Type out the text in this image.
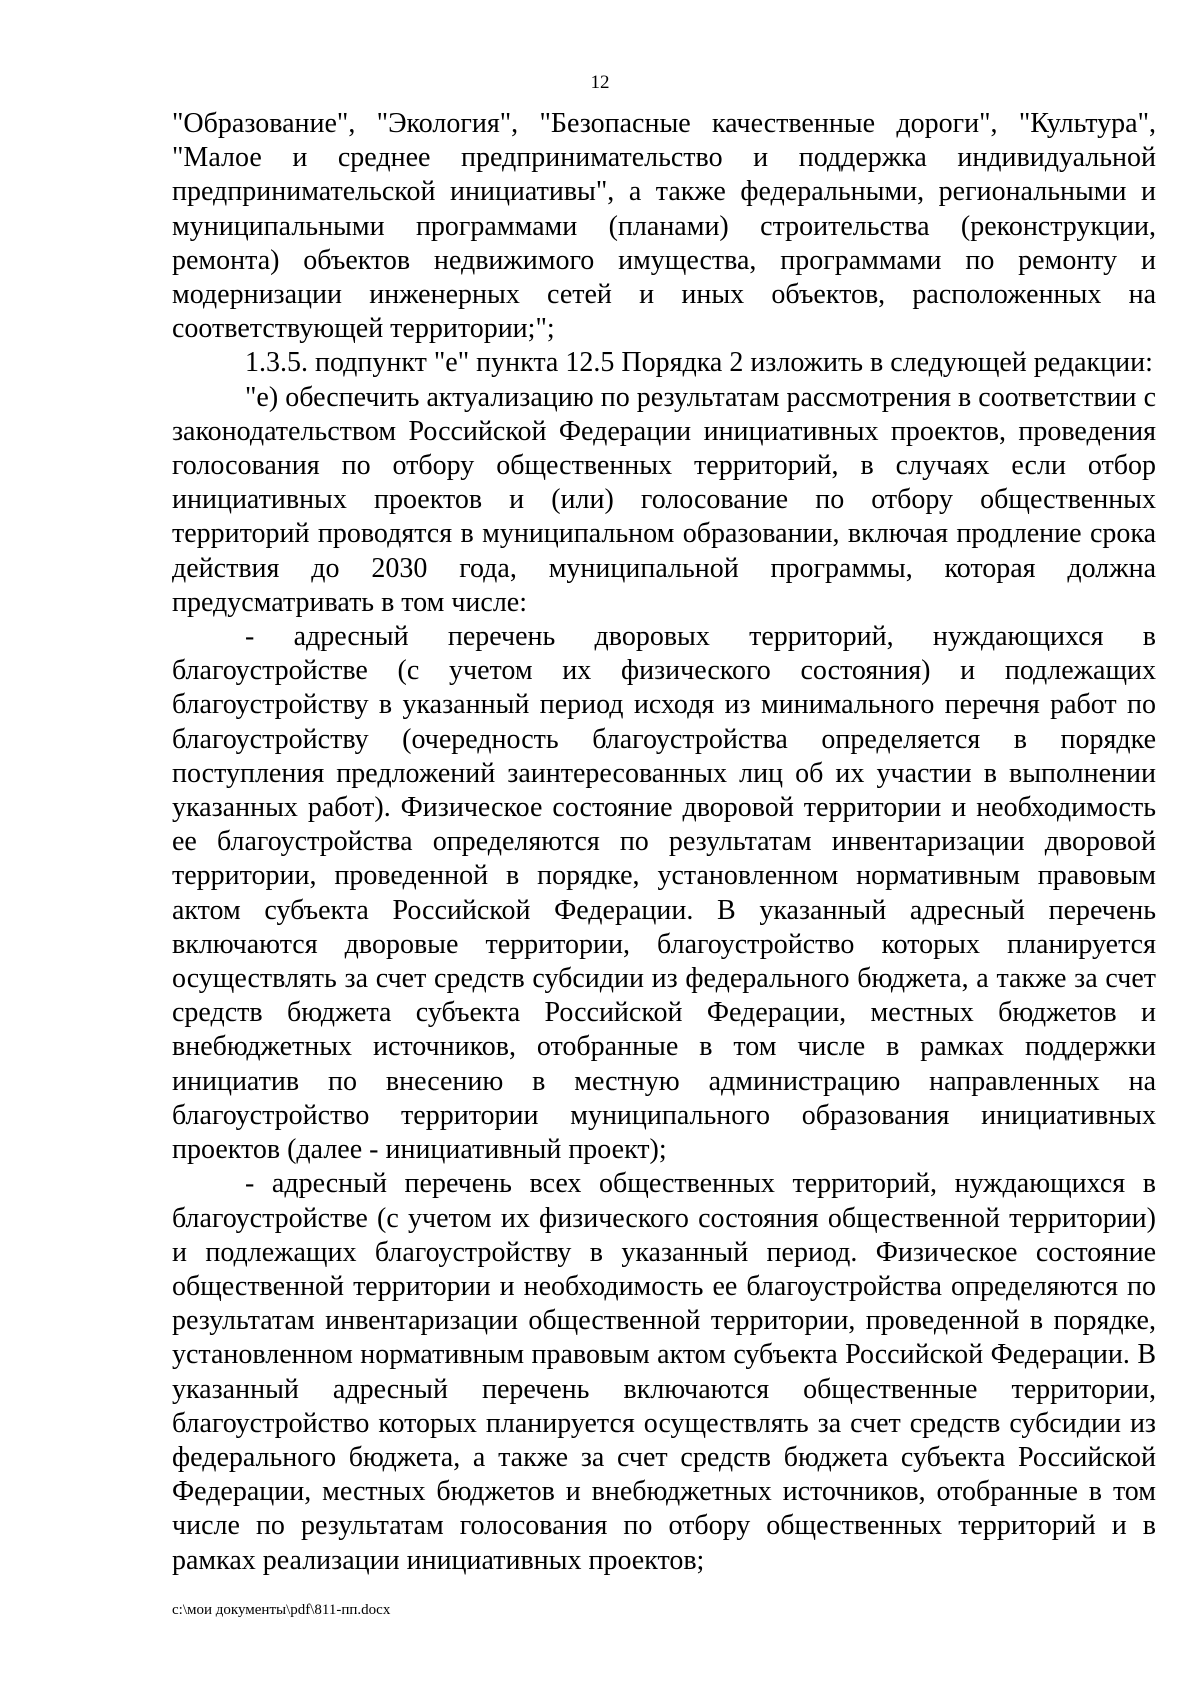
12

"Образование", "Экология", "Безопасные качественные дороги", "Культура", "Малое и среднее предпринимательство и поддержка индивидуальной предпринимательской инициативы", а также федеральными, региональными и муниципальными программами (планами) строительства (реконструкции, ремонта) объектов недвижимого имущества, программами по ремонту и модернизации инженерных сетей и иных объектов, расположенных на соответствующей территории;";

1.3.5. подпункт "е" пункта 12.5 Порядка 2 изложить в следующей редакции:

"е) обеспечить актуализацию по результатам рассмотрения в соответствии с законодательством Российской Федерации инициативных проектов, проведения голосования по отбору общественных территорий, в случаях если отбор инициативных проектов и (или) голосование по отбору общественных территорий проводятся в муниципальном образовании, включая продление срока действия до 2030 года, муниципальной программы, которая должна предусматривать в том числе:

- адресный перечень дворовых территорий, нуждающихся в благоустройстве (с учетом их физического состояния) и подлежащих благоустройству в указанный период исходя из минимального перечня работ по благоустройству (очередность благоустройства определяется в порядке поступления предложений заинтересованных лиц об их участии в выполнении указанных работ). Физическое состояние дворовой территории и необходимость ее благоустройства определяются по результатам инвентаризации дворовой территории, проведенной в порядке, установленном нормативным правовым актом субъекта Российской Федерации. В указанный адресный перечень включаются дворовые территории, благоустройство которых планируется осуществлять за счет средств субсидии из федерального бюджета, а также за счет средств бюджета субъекта Российской Федерации, местных бюджетов и внебюджетных источников, отобранные в том числе в рамках поддержки инициатив по внесению в местную администрацию направленных на благоустройство территории муниципального образования инициативных проектов (далее - инициативный проект);

- адресный перечень всех общественных территорий, нуждающихся в благоустройстве (с учетом их физического состояния общественной территории) и подлежащих благоустройству в указанный период. Физическое состояние общественной территории и необходимость ее благоустройства определяются по результатам инвентаризации общественной территории, проведенной в порядке, установленном нормативным правовым актом субъекта Российской Федерации. В указанный адресный перечень включаются общественные территории, благоустройство которых планируется осуществлять за счет средств субсидии из федерального бюджета, а также за счет средств бюджета субъекта Российской Федерации, местных бюджетов и внебюджетных источников, отобранные в том числе по результатам голосования по отбору общественных территорий и в рамках реализации инициативных проектов;

c:\мои документы\pdf\811-пп.docx
